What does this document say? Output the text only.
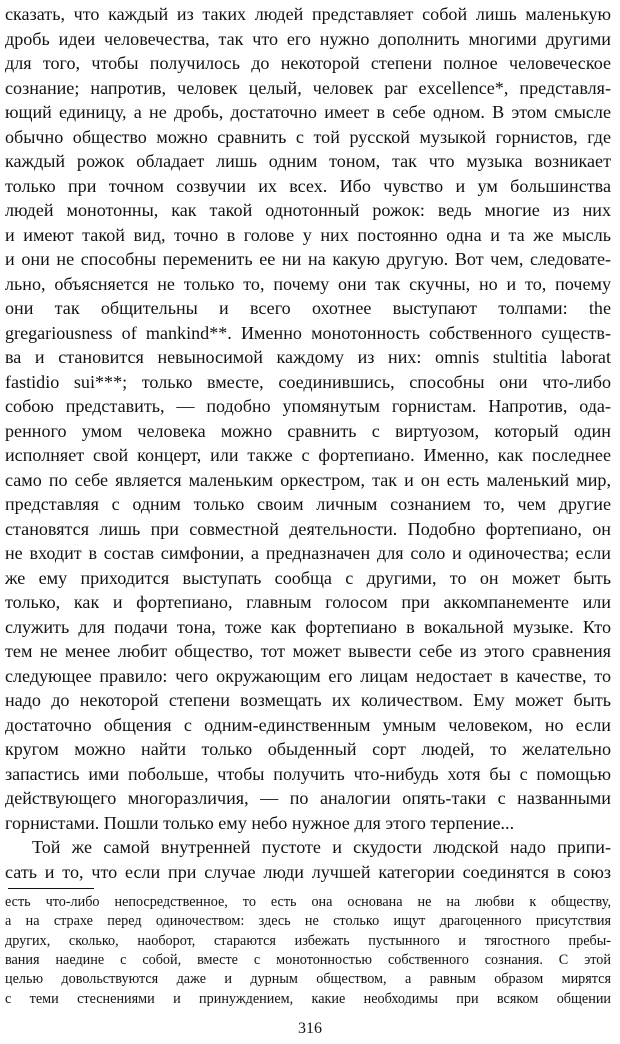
сказать, что каждый из таких людей представляет собой лишь маленькую
дробь идеи человечества, так что его нужно дополнить многими другими
для того, чтобы получилось до некоторой степени полное человеческое
сознание; напротив, человек целый, человек par excellence*, представля-
ющий единицу, а не дробь, достаточно имеет в себе одном. В этом смысле
обычно общество можно сравнить с той русской музыкой горнистов, где
каждый рожок обладает лишь одним тоном, так что музыка возникает
только при точном созвучии их всех. Ибо чувство и ум большинства
людей монотонны, как такой однотонный рожок: ведь многие из них
и имеют такой вид, точно в голове у них постоянно одна и та же мысль
и они не способны переменить ее ни на какую другую. Вот чем, следовате-
льно, объясняется не только то, почему они так скучны, но и то, почему
они так общительны и всего охотнее выступают толпами: the
gregariousness of mankind**. Именно монотонность собственного существ-
ва и становится невыносимой каждому из них: omnis stultitia laborat
fastidio sui***; только вместе, соединившись, способны они что-либо
собою представить, — подобно упомянутым горнистам. Напротив, ода-
ренного умом человека можно сравнить с виртуозом, который один
исполняет свой концерт, или также с фортепиано. Именно, как последнее
само по себе является маленьким оркестром, так и он есть маленький мир,
представляя с одним только своим личным сознанием то, чем другие
становятся лишь при совместной деятельности. Подобно фортепиано, он
не входит в состав симфонии, а предназначен для соло и одиночества; если
же ему приходится выступать сообща с другими, то он может быть
только, как и фортепиано, главным голосом при аккомпанементе или
служить для подачи тона, тоже как фортепиано в вокальной музыке. Кто
тем не менее любит общество, тот может вывести себе из этого сравнения
следующее правило: чего окружающим его лицам недостает в качестве, то
надо до некоторой степени возмещать их количеством. Ему может быть
достаточно общения с одним-единственным умным человеком, но если
кругом можно найти только обыденный сорт людей, то желательно
запастись ими побольше, чтобы получить что-нибудь хотя бы с помощью
действующего многоразличия, — по аналогии опять-таки с названными
горнистами. Пошли только ему небо нужное для этого терпение...
Той же самой внутренней пустоте и скудости людской надо припи-
сать и то, что если при случае люди лучшей категории соединятся в союз
есть что-либо непосредственное, то есть она основана не на любви к обществу,
а на страхе перед одиночеством: здесь не столько ищут драгоценного присутствия
других, сколько, наоборот, стараются избежать пустынного и тягостного пребы-
вания наедине с собой, вместе с монотонностью собственного сознания. С этой
целью довольствуются даже и дурным обществом, а равным образом мирятся
с теми стеснениями и принуждением, какие необходимы при всяком общении
316
